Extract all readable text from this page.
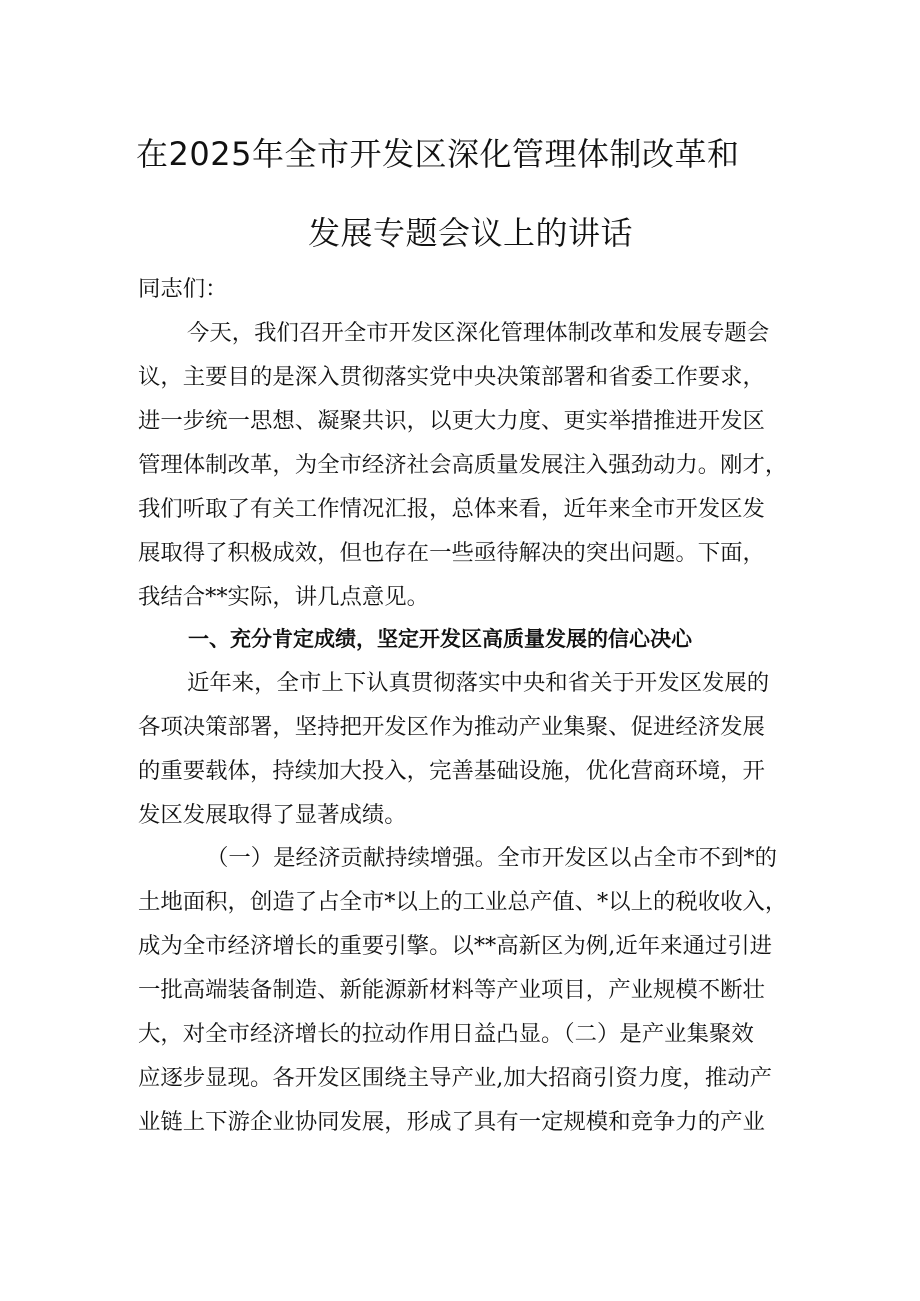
在2025年全市开发区深化管理体制改革和
发展专题会议上的讲话
同志们：
今天，我们召开全市开发区深化管理体制改革和发展专题会
议，主要目的是深入贯彻落实党中央决策部署和省委工作要求，
进一步统一思想、凝聚共识，以更大力度、更实举措推进开发区
管理体制改革，为全市经济社会高质量发展注入强劲动力。刚才，
我们听取了有关工作情况汇报，总体来看，近年来全市开发区发
展取得了积极成效，但也存在一些亟待解决的突出问题。下面，
我结合**实际，讲几点意见。
一、充分肯定成绩，坚定开发区高质量发展的信心决心
近年来，全市上下认真贯彻落实中央和省关于开发区发展的
各项决策部署，坚持把开发区作为推动产业集聚、促进经济发展
的重要载体，持续加大投入，完善基础设施，优化营商环境，开
发区发展取得了显著成绩。
（一）是经济贡献持续增强。全市开发区以占全市不到*的
土地面积，创造了占全市*以上的工业总产值、*以上的税收收入，
成为全市经济增长的重要引擎。以**高新区为例,近年来通过引进
一批高端装备制造、新能源新材料等产业项目，产业规模不断壮
大，对全市经济增长的拉动作用日益凸显。（二）是产业集聚效
应逐步显现。各开发区围绕主导产业,加大招商引资力度，推动产
业链上下游企业协同发展，形成了具有一定规模和竞争力的产业
